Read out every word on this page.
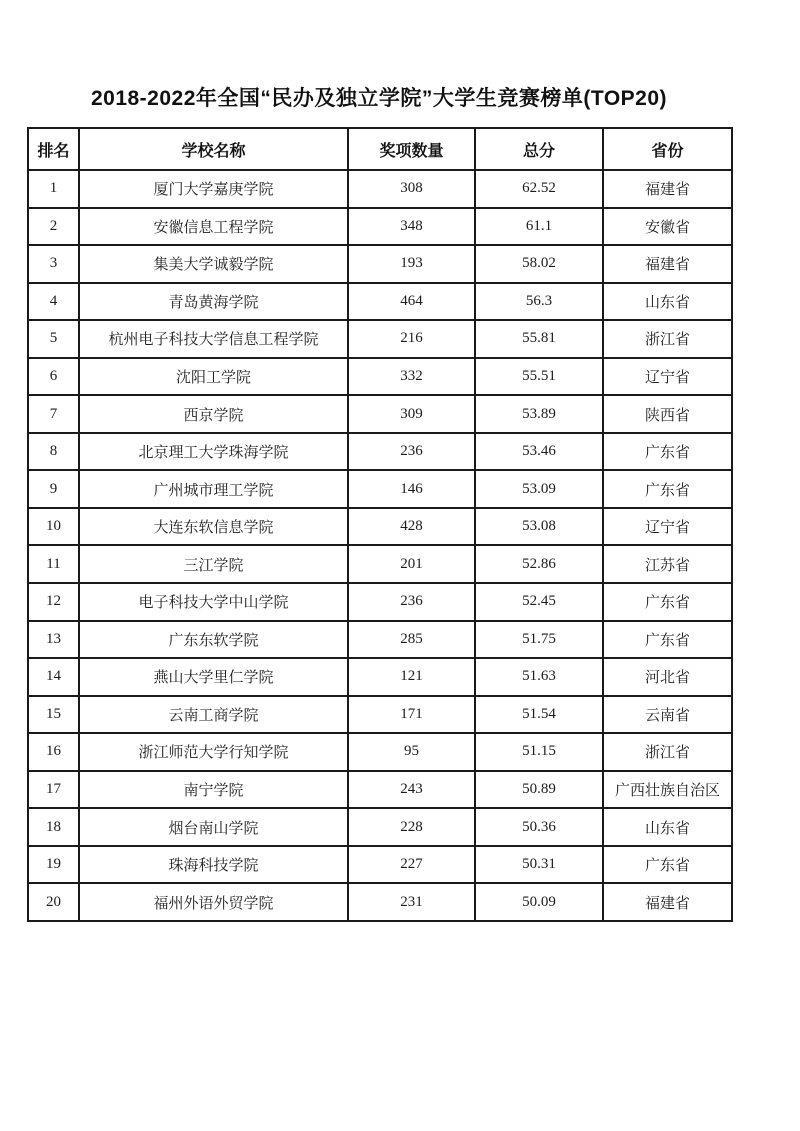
2018-2022年全国“民办及独立学院”大学生竞赛榜单(TOP20)
排名	学校名称	奖项数量	总分	省份
1	厦门大学嘉庚学院	308	62.52	福建省
2	安徽信息工程学院	348	61.1	安徽省
3	集美大学诚毅学院	193	58.02	福建省
4	青岛黄海学院	464	56.3	山东省
5	杭州电子科技大学信息工程学院	216	55.81	浙江省
6	沈阳工学院	332	55.51	辽宁省
7	西京学院	309	53.89	陕西省
8	北京理工大学珠海学院	236	53.46	广东省
9	广州城市理工学院	146	53.09	广东省
10	大连东软信息学院	428	53.08	辽宁省
11	三江学院	201	52.86	江苏省
12	电子科技大学中山学院	236	52.45	广东省
13	广东东软学院	285	51.75	广东省
14	燕山大学里仁学院	121	51.63	河北省
15	云南工商学院	171	51.54	云南省
16	浙江师范大学行知学院	95	51.15	浙江省
17	南宁学院	243	50.89	广西壮族自治区
18	烟台南山学院	228	50.36	山东省
19	珠海科技学院	227	50.31	广东省
20	福州外语外贸学院	231	50.09	福建省
